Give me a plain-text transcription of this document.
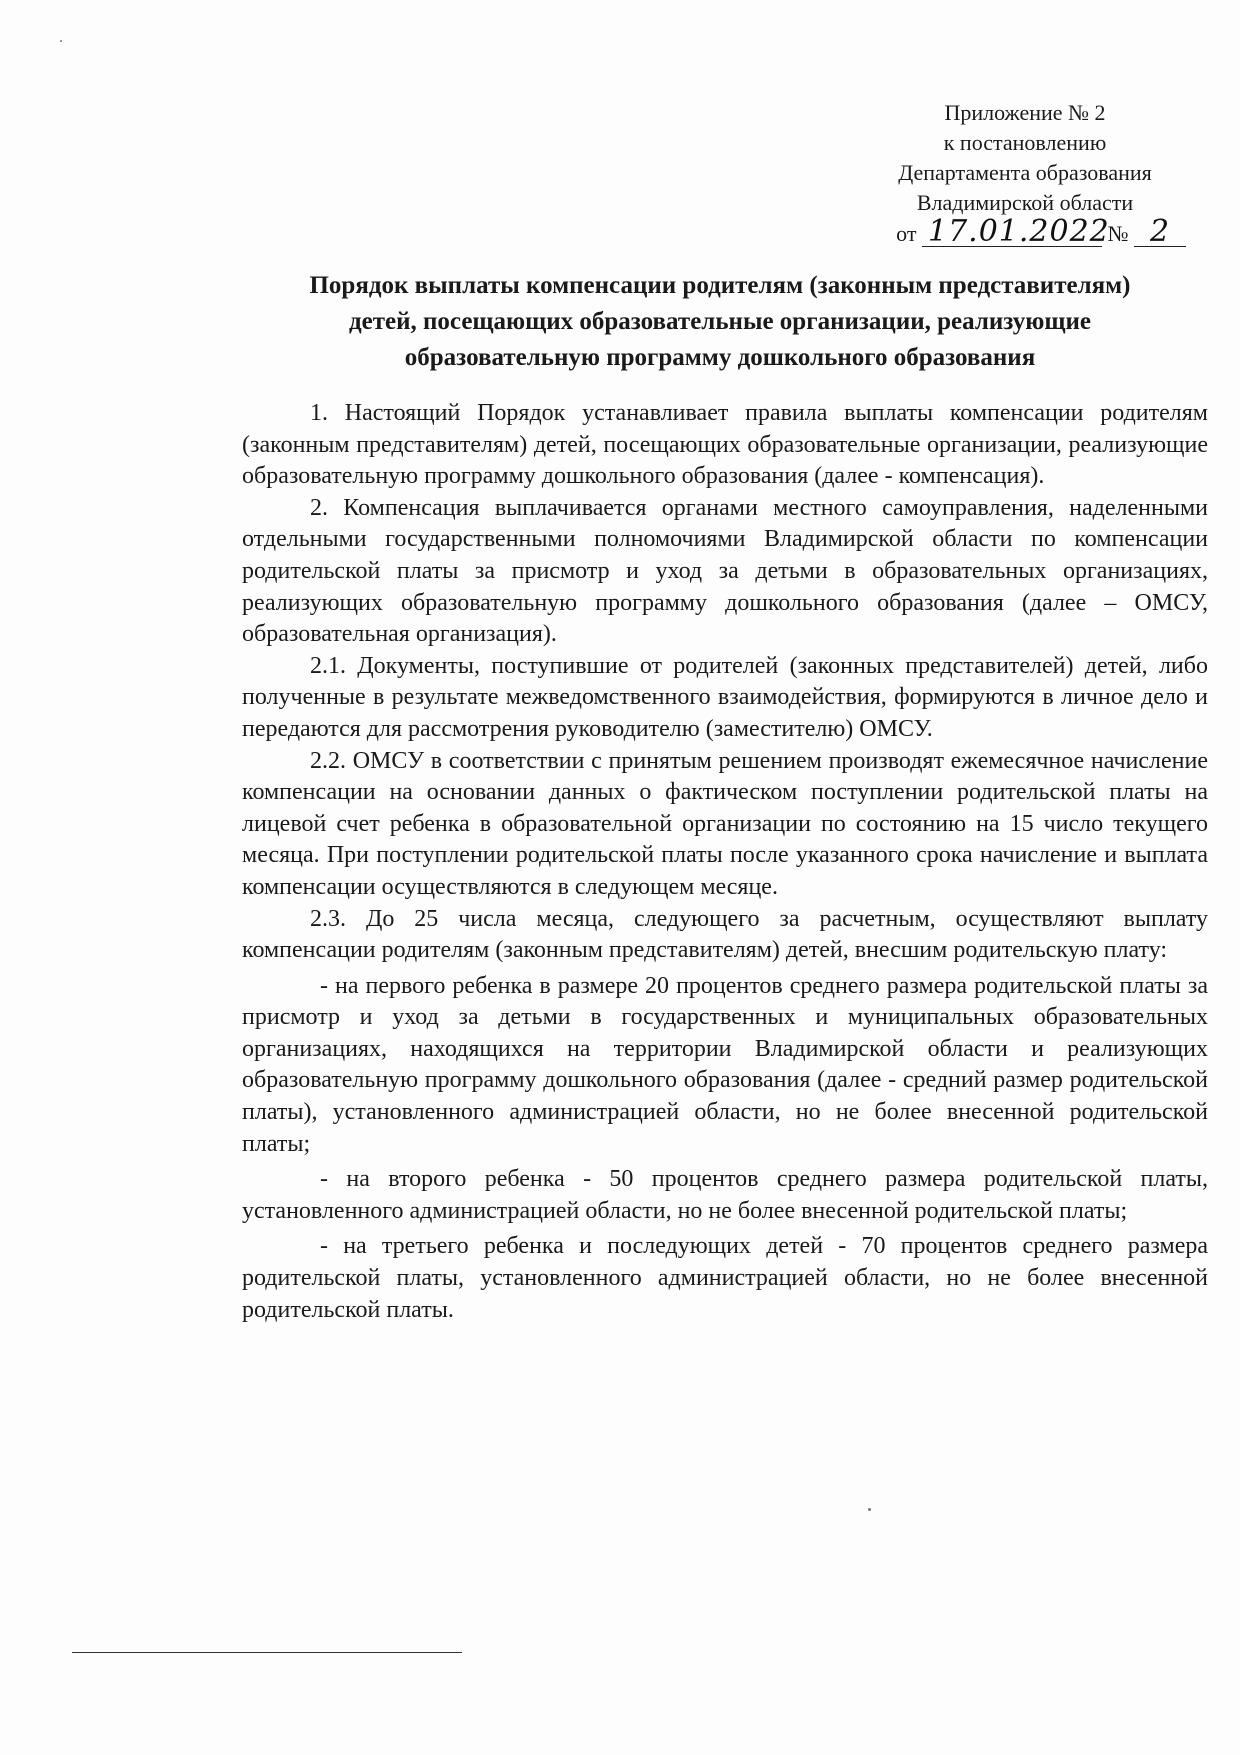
Приложение № 2
к постановлению
Департамента образования
Владимирской области
от 17.01.2022 № 2
Порядок выплаты компенсации родителям (законным представителям)
детей, посещающих образовательные организации, реализующие
образовательную программу дошкольного образования

1. Настоящий Порядок устанавливает правила выплаты компенсации родителям (законным представителям) детей, посещающих образовательные организации, реализующие образовательную программу дошкольного образования (далее - компенсация).

2. Компенсация выплачивается органами местного самоуправления, наделенными отдельными государственными полномочиями Владимирской области по компенсации родительской платы за присмотр и уход за детьми в образовательных организациях, реализующих образовательную программу дошкольного образования (далее – ОМСУ, образовательная организация).

2.1. Документы, поступившие от родителей (законных представителей) детей, либо полученные в результате межведомственного взаимодействия, формируются в личное дело и передаются для рассмотрения руководителю (заместителю) ОМСУ.

2.2. ОМСУ в соответствии с принятым решением производят ежемесячное начисление компенсации на основании данных о фактическом поступлении родительской платы на лицевой счет ребенка в образовательной организации по состоянию на 15 число текущего месяца. При поступлении родительской платы после указанного срока начисление и выплата компенсации осуществляются в следующем месяце.

2.3. До 25 числа месяца, следующего за расчетным, осуществляют выплату компенсации родителям (законным представителям) детей, внесшим родительскую плату:

- на первого ребенка в размере 20 процентов среднего размера родительской платы за присмотр и уход за детьми в государственных и муниципальных образовательных организациях, находящихся на территории Владимирской области и реализующих образовательную программу дошкольного образования (далее - средний размер родительской платы), установленного администрацией области, но не более внесенной родительской платы;

- на второго ребенка - 50 процентов среднего размера родительской платы, установленного администрацией области, но не более внесенной родительской платы;

- на третьего ребенка и последующих детей - 70 процентов среднего размера родительской платы, установленного администрацией области, но не более внесенной родительской платы.
